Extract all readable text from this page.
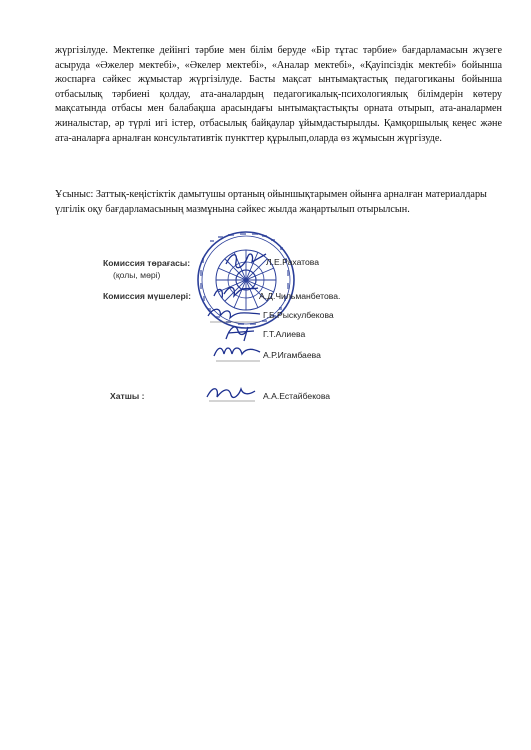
жүргізілуде. Мектепке дейінгі тәрбие мен білім беруде «Бір тұтас тәрбие» бағдарламасын жүзеге асыруда «Әжелер мектебі», «Әкелер мектебі», «Аналар мектебі», «Қауіпсіздік мектебі» бойынша жоспарға сәйкес жұмыстар жүргізілуде. Басты мақсат ынтымақтастық педагогиканы бойынша отбасылық тәрбиені қолдау, ата-аналардың педагогикалық-психологиялық білімдерін көтеру мақсатында отбасы мен балабақша арасындағы ынтымақтастықты орната отырып, ата-аналармен жиналыстар, әр түрлі игі істер, отбасылық байқаулар ұйымдастырылды. Қамқоршылық кеңес және ата-аналарға арналған консультативтік пункттер құрылып,оларда өз жұмысын жүргізуде.

Ұсыныс: Заттық-кеңістіктік дамытушы ортаның ойыншықтарымен ойынға арналған материалдары үлгілік оқу бағдарламасының мазмұнына сәйкес жылда жаңартылып отырылсын.

Комиссия төрағасы:
(қолы, мөрі)
Л.Е.Рахатова
Комиссия мүшелері:	А.Д.Чильманбетова.
Г.Б.Рыскулбекова
Г.Т.Алиева
А.Р.Игамбаева
Хатшы :	А.А.Естайбекова
